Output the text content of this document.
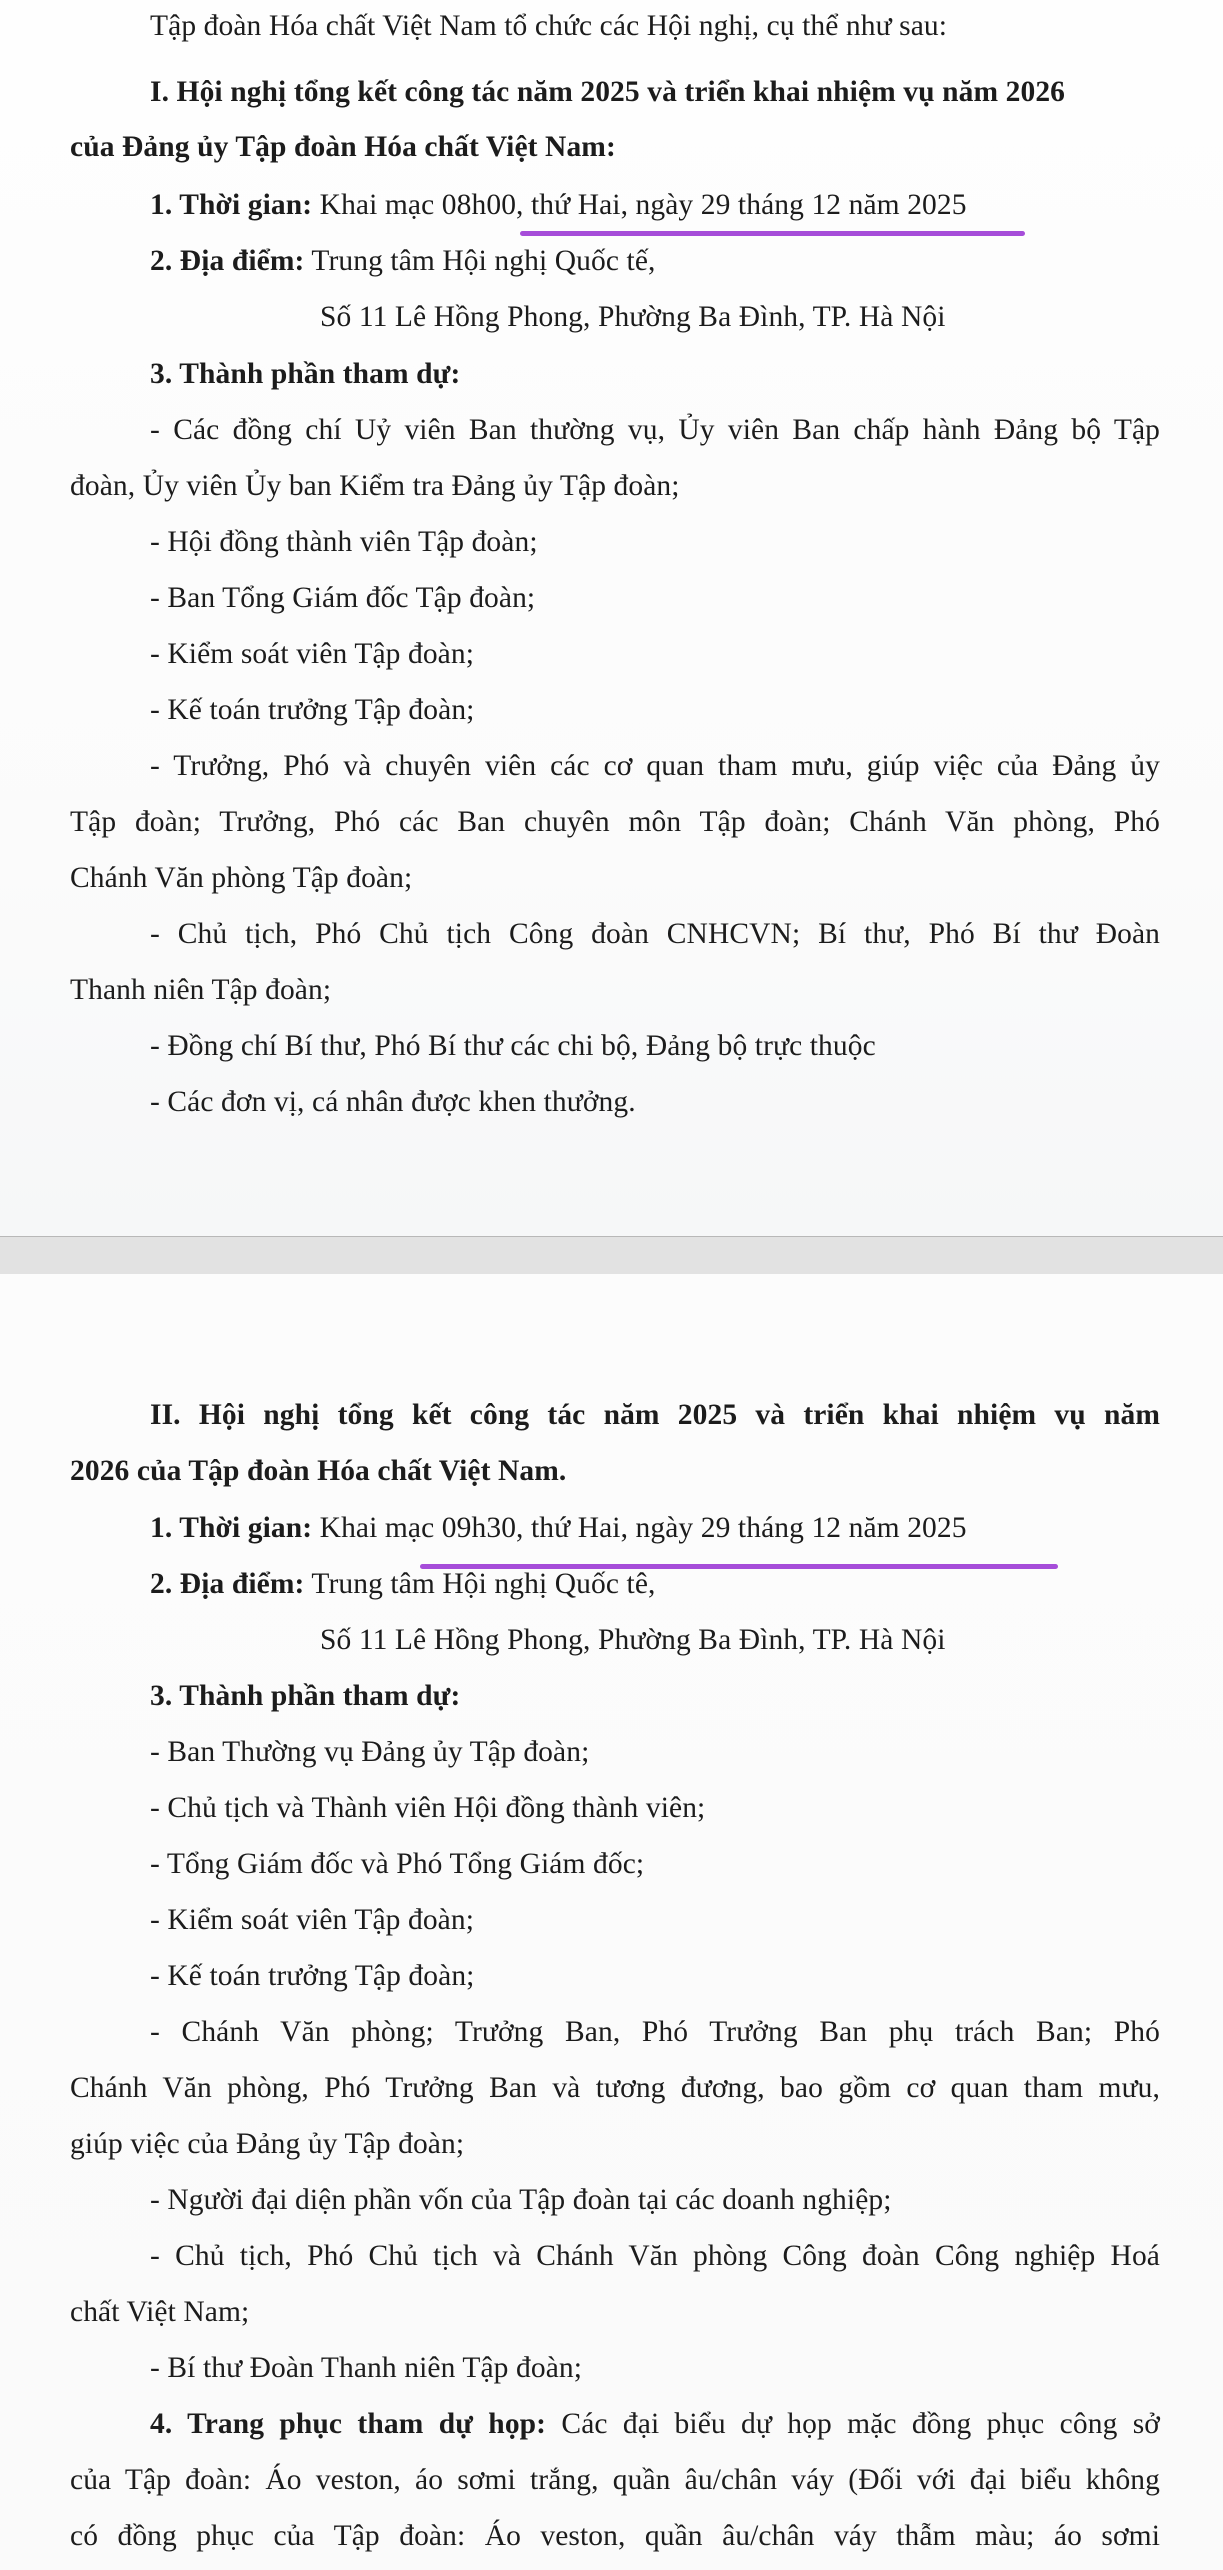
Tập đoàn Hóa chất Việt Nam tổ chức các Hội nghị, cụ thể như sau:
I. Hội nghị tổng kết công tác năm 2025 và triển khai nhiệm vụ năm 2026
của Đảng ủy Tập đoàn Hóa chất Việt Nam:
1. Thời gian: Khai mạc 08h00, thứ Hai, ngày 29 tháng 12 năm 2025
2. Địa điểm: Trung tâm Hội nghị Quốc tế,
Số 11 Lê Hồng Phong, Phường Ba Đình, TP. Hà Nội
3. Thành phần tham dự:
- Các đồng chí Uỷ viên Ban thường vụ, Ủy viên Ban chấp hành Đảng bộ Tập
đoàn, Ủy viên Ủy ban Kiểm tra Đảng ủy Tập đoàn;
- Hội đồng thành viên Tập đoàn;
- Ban Tổng Giám đốc Tập đoàn;
- Kiểm soát viên Tập đoàn;
- Kế toán trưởng Tập đoàn;
- Trưởng, Phó và chuyên viên các cơ quan tham mưu, giúp việc của Đảng ủy
Tập đoàn; Trưởng, Phó các Ban chuyên môn Tập đoàn; Chánh Văn phòng, Phó
Chánh Văn phòng Tập đoàn;
- Chủ tịch, Phó Chủ tịch Công đoàn CNHCVN; Bí thư, Phó Bí thư Đoàn
Thanh niên Tập đoàn;
- Đồng chí Bí thư, Phó Bí thư các chi bộ, Đảng bộ trực thuộc
- Các đơn vị, cá nhân được khen thưởng.
II. Hội nghị tổng kết công tác năm 2025 và triển khai nhiệm vụ năm
2026 của Tập đoàn Hóa chất Việt Nam.
1. Thời gian: Khai mạc 09h30, thứ Hai, ngày 29 tháng 12 năm 2025
2. Địa điểm: Trung tâm Hội nghị Quốc tê,
Số 11 Lê Hồng Phong, Phường Ba Đình, TP. Hà Nội
3. Thành phần tham dự:
- Ban Thường vụ Đảng ủy Tập đoàn;
- Chủ tịch và Thành viên Hội đồng thành viên;
- Tổng Giám đốc và Phó Tổng Giám đốc;
- Kiểm soát viên Tập đoàn;
- Kế toán trưởng Tập đoàn;
- Chánh Văn phòng; Trưởng Ban, Phó Trưởng Ban phụ trách Ban; Phó
Chánh Văn phòng, Phó Trưởng Ban và tương đương, bao gồm cơ quan tham mưu,
giúp việc của Đảng ủy Tập đoàn;
- Người đại diện phần vốn của Tập đoàn tại các doanh nghiệp;
- Chủ tịch, Phó Chủ tịch và Chánh Văn phòng Công đoàn Công nghiệp Hoá
chất Việt Nam;
- Bí thư Đoàn Thanh niên Tập đoàn;
4. Trang phục tham dự họp: Các đại biểu dự họp mặc đồng phục công sở
của Tập đoàn: Áo veston, áo sơmi trắng, quần âu/chân váy (Đối với đại biểu không
có đồng phục của Tập đoàn: Áo veston, quần âu/chân váy thẫm màu; áo sơmi
